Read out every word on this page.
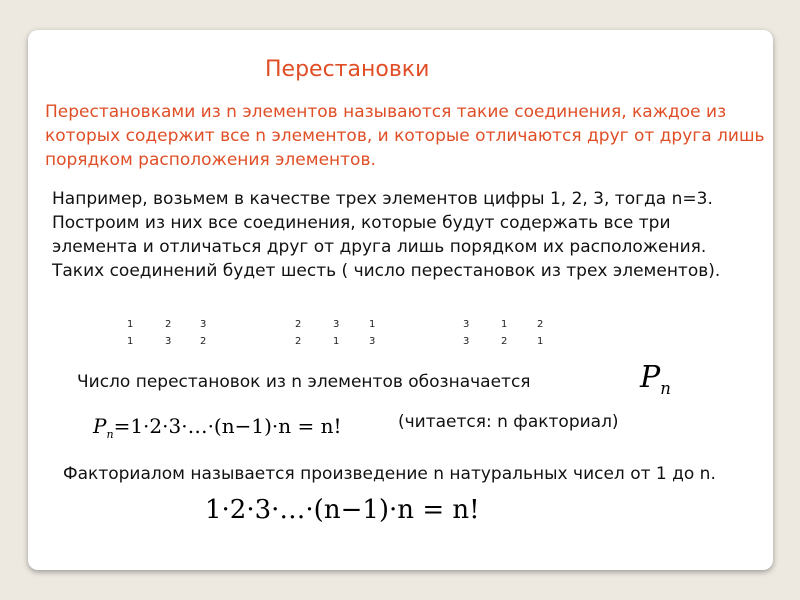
Перестановки
Перестановками из n элементов называются такие соединения, каждое из которых содержит все n элементов, и которые отличаются друг от друга лишь порядком расположения элементов.
Например, возьмем в качестве трех элементов цифры 1, 2, 3, тогда n=3. Построим из них все соединения, которые будут содержать все три элемента и отличаться друг от друга лишь порядком их расположения. Таких соединений будет шесть ( число перестановок из трех элементов).
1	2	3
1	3	2
2	3	1
2	1	3
3	1	2
3	2	1
Число перестановок из n элементов обозначается	$P_n$
$P_n=1\cdot 2\cdot 3\cdot\dots\cdot(n-1)\cdot n = n$!	(читается: n факториал)
Факториалом называется произведение n натуральных чисел от 1 до n.
1·2·3·…·(n−1)·n = n!
